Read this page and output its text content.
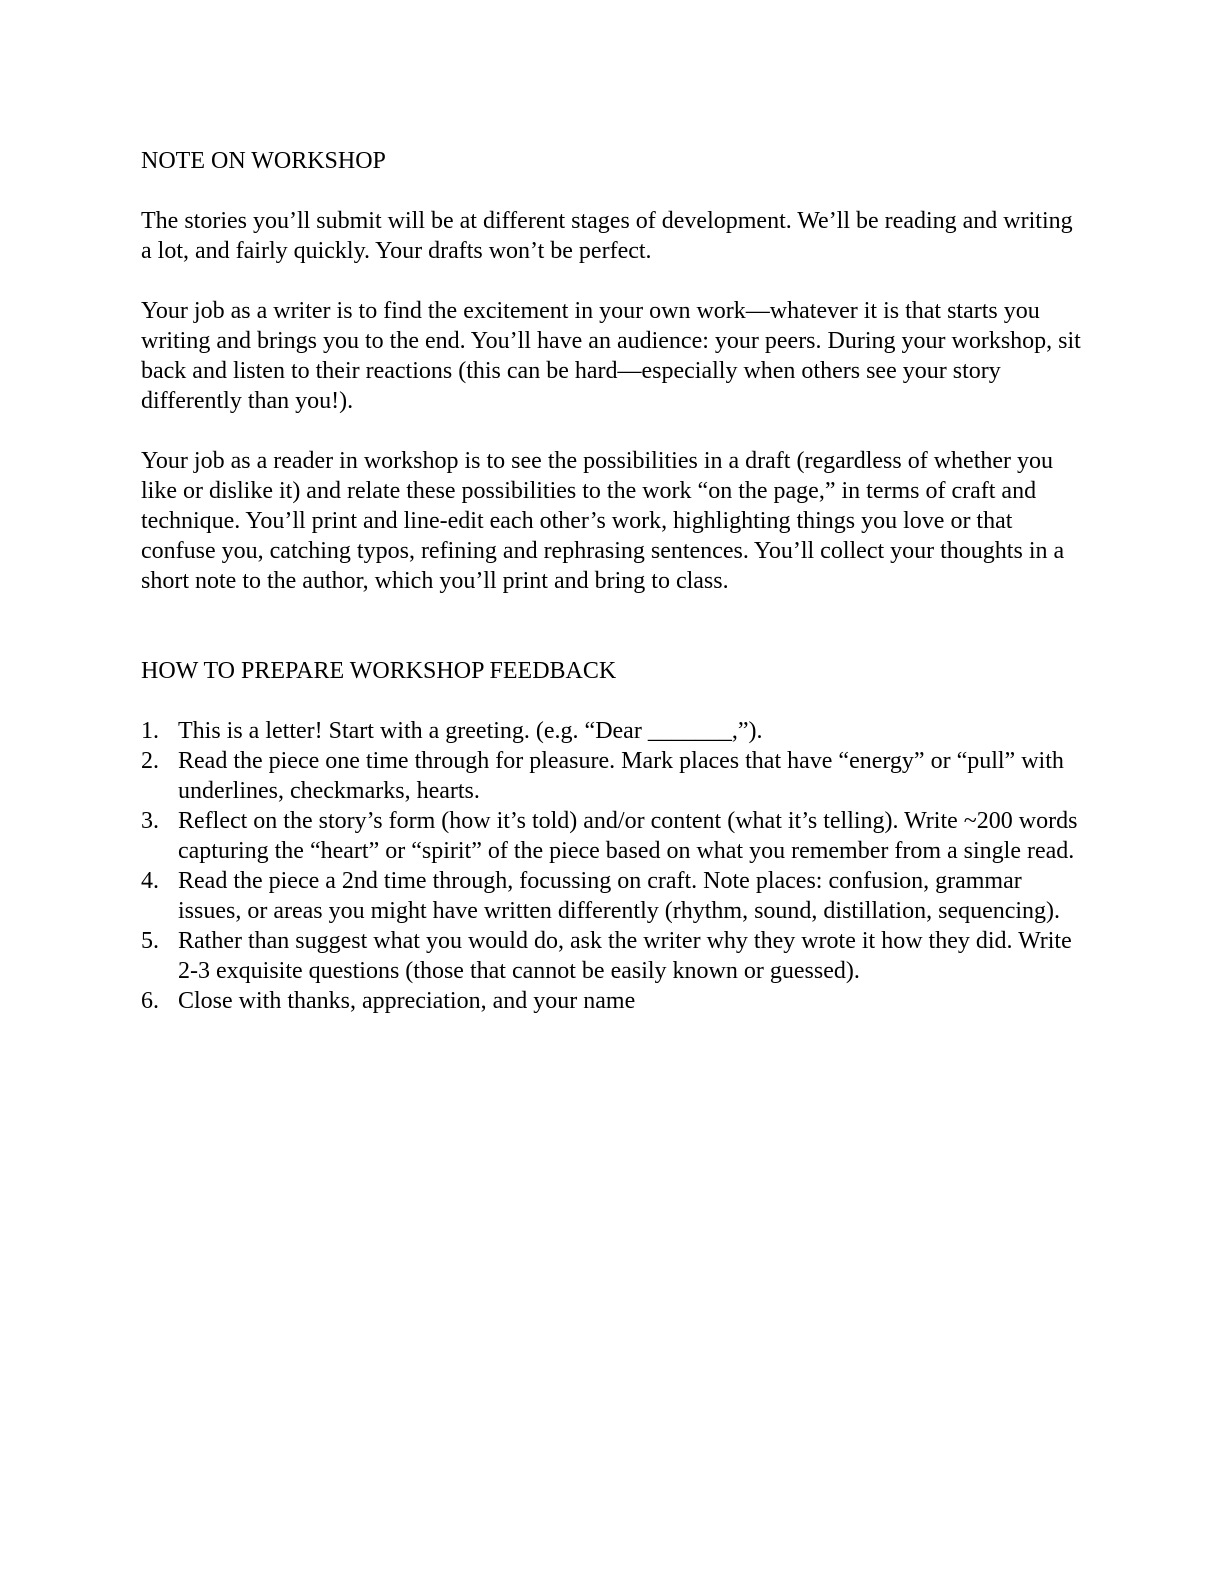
NOTE ON WORKSHOP

The stories you’ll submit will be at different stages of development. We’ll be reading and writing a lot, and fairly quickly. Your drafts won’t be perfect.

Your job as a writer is to find the excitement in your own work—whatever it is that starts you writing and brings you to the end. You’ll have an audience: your peers. During your workshop, sit back and listen to their reactions (this can be hard—especially when others see your story differently than you!).

Your job as a reader in workshop is to see the possibilities in a draft (regardless of whether you like or dislike it) and relate these possibilities to the work “on the page,” in terms of craft and technique. You’ll print and line-edit each other’s work, highlighting things you love or that confuse you, catching typos, refining and rephrasing sentences. You’ll collect your thoughts in a short note to the author, which you’ll print and bring to class.

HOW TO PREPARE WORKSHOP FEEDBACK
1. This is a letter! Start with a greeting. (e.g. “Dear _______,”).
2. Read the piece one time through for pleasure. Mark places that have “energy” or “pull” with underlines, checkmarks, hearts.
3. Reflect on the story’s form (how it’s told) and/or content (what it’s telling). Write ~200 words capturing the “heart” or “spirit” of the piece based on what you remember from a single read.
4. Read the piece a 2nd time through, focussing on craft. Note places: confusion, grammar issues, or areas you might have written differently (rhythm, sound, distillation, sequencing).
5. Rather than suggest what you would do, ask the writer why they wrote it how they did. Write 2-3 exquisite questions (those that cannot be easily known or guessed).
6. Close with thanks, appreciation, and your name
